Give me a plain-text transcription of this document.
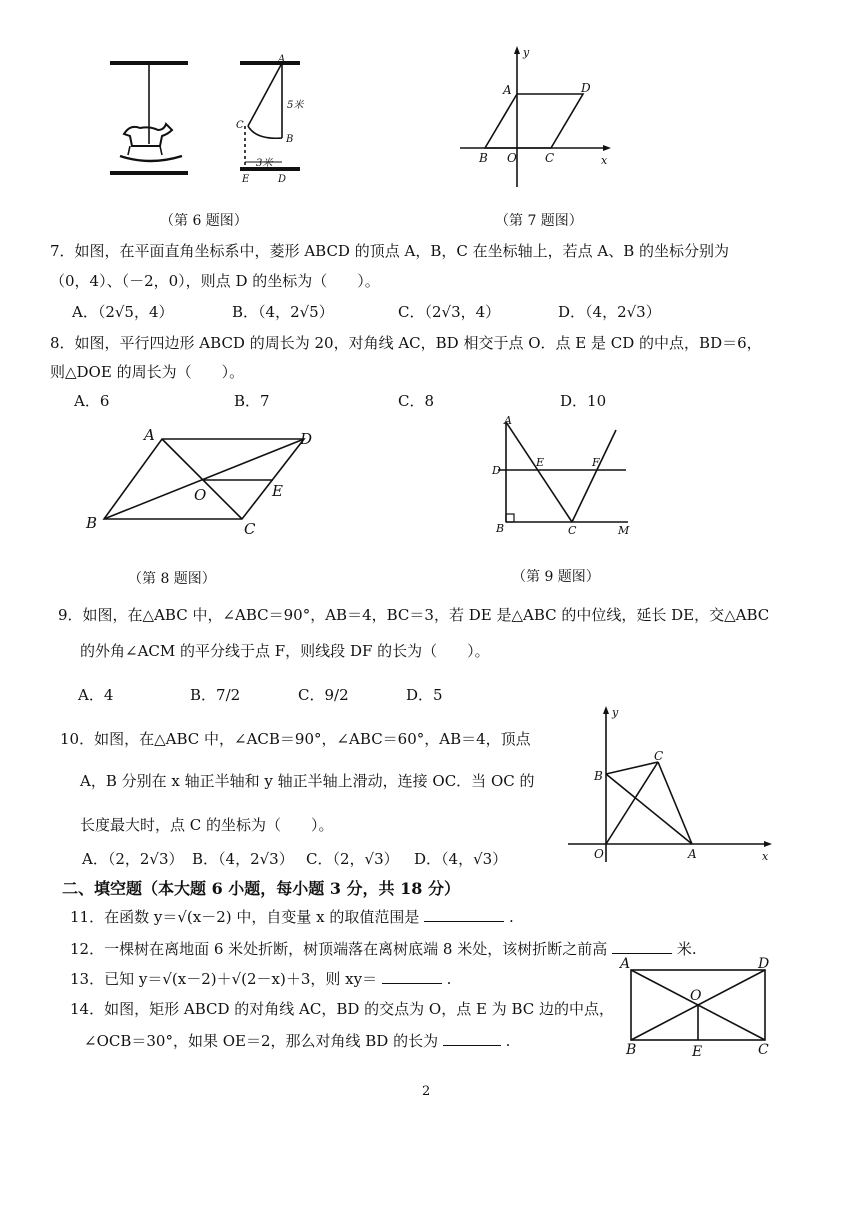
A
5米
C
B
3米
E	D
（第 6 题图）
y
A	D
B O C	x
（第 7 题图）
7．如图，在平面直角坐标系中，菱形 ABCD 的顶点 A，B，C 在坐标轴上，若点 A、B 的坐标分别为
（0，4）、（－2，0），则点 D 的坐标为（　　）。
A．（2√5，4）	B．（4，2√5）	C．（2√3，4）	D．（4，2√3）
8．如图，平行四边形 ABCD 的周长为 20，对角线 AC，BD 相交于点 O．点 E 是 CD 的中点，BD＝6，
则△DOE 的周长为（　　）。
A．6	B．7	C．8	D．10
A	D
O	E
B	C
（第 8 题图）
A
D
E	F
B	C	M
（第 9 题图）
9．如图，在△ABC 中，∠ABC＝90°，AB＝4，BC＝3，若 DE 是△ABC 的中位线，延长 DE，交△ABC
的外角∠ACM 的平分线于点 F，则线段 DF 的长为（　　）。
A．4	B．7/2	C．9/2	D．5
10．如图，在△ABC 中，∠ACB＝90°，∠ABC＝60°，AB＝4，顶点
A，B 分别在 x 轴正半轴和 y 轴正半轴上滑动，连接 OC．当 OC 的
长度最大时，点 C 的坐标为（　　）。
A．（2，2√3） B．（4，2√3） C．（2，√3） D．（4，√3）
y
C
B
O	A	x
二、填空题（本大题 6 小题，每小题 3 分，共 18 分）
11．在函数 y＝√(x－2) 中，自变量 x 的取值范围是	.
12．一棵树在离地面 6 米处折断，树顶端落在离树底端 8 米处，该树折断之前高	米.
13．已知 y＝√(x－2)＋√(2－x)＋3，则 xy＝	.
14．如图，矩形 ABCD 的对角线 AC，BD 的交点为 O，点 E 为 BC 边的中点，
∠OCB＝30°，如果 OE＝2，那么对角线 BD 的长为	.
A	D
O
B	E	C
2
